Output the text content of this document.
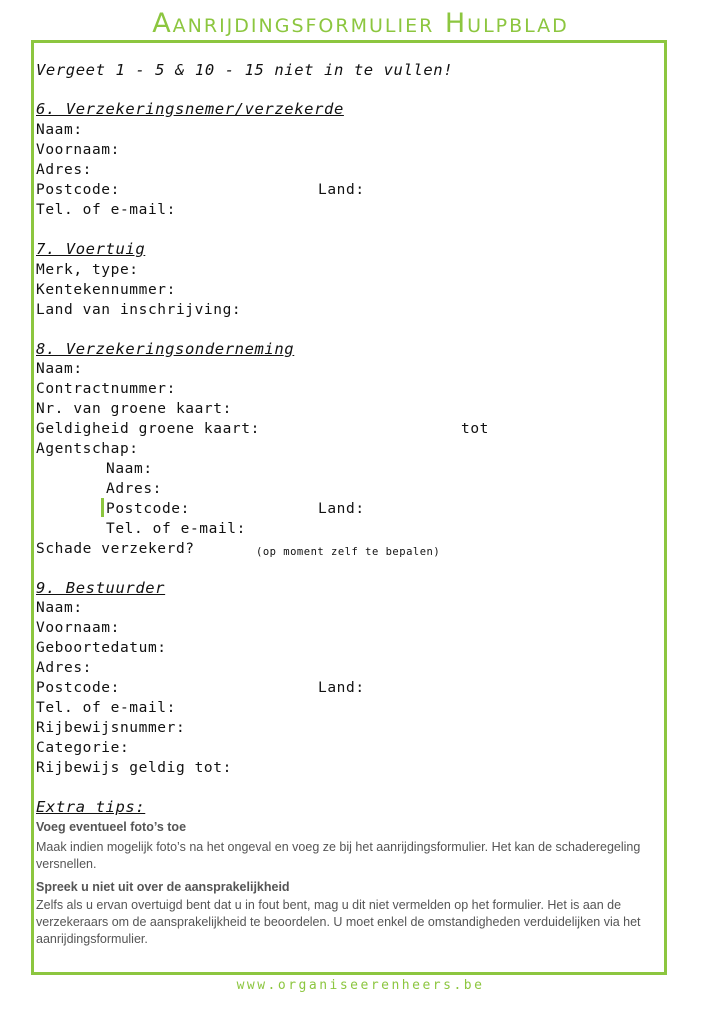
Aanrijdingsformulier Hulpblad
Vergeet 1 - 5 & 10 - 15 niet in te vullen!
6. Verzekeringsnemer/verzekerde
Naam:
Voornaam:
Adres:
Postcode:	Land:
Tel. of e-mail:
7. Voertuig
Merk, type:
Kentekennummer:
Land van inschrijving:
8. Verzekeringsonderneming
Naam:
Contractnummer:
Nr. van groene kaart:
Geldigheid groene kaart:	tot
Agentschap:
Naam:
Adres:
Postcode:	Land:
Tel. of e-mail:
Schade verzekerd?	(op moment zelf te bepalen)
9. Bestuurder
Naam:
Voornaam:
Geboortedatum:
Adres:
Postcode:	Land:
Tel. of e-mail:
Rijbewijsnummer:
Categorie:
Rijbewijs geldig tot:
Extra tips:
Voeg eventueel foto’s toe
Maak indien mogelijk foto’s na het ongeval en voeg ze bij het aanrijdingsformulier. Het kan de schaderegeling versnellen.
Spreek u niet uit over de aansprakelijkheid
Zelfs als u ervan overtuigd bent dat u in fout bent, mag u dit niet vermelden op het formulier. Het is aan de verzekeraars om de aansprakelijkheid te beoordelen. U moet enkel de omstandigheden verduidelijken via het aanrijdingsformulier.
www.organiseerenheers.be
